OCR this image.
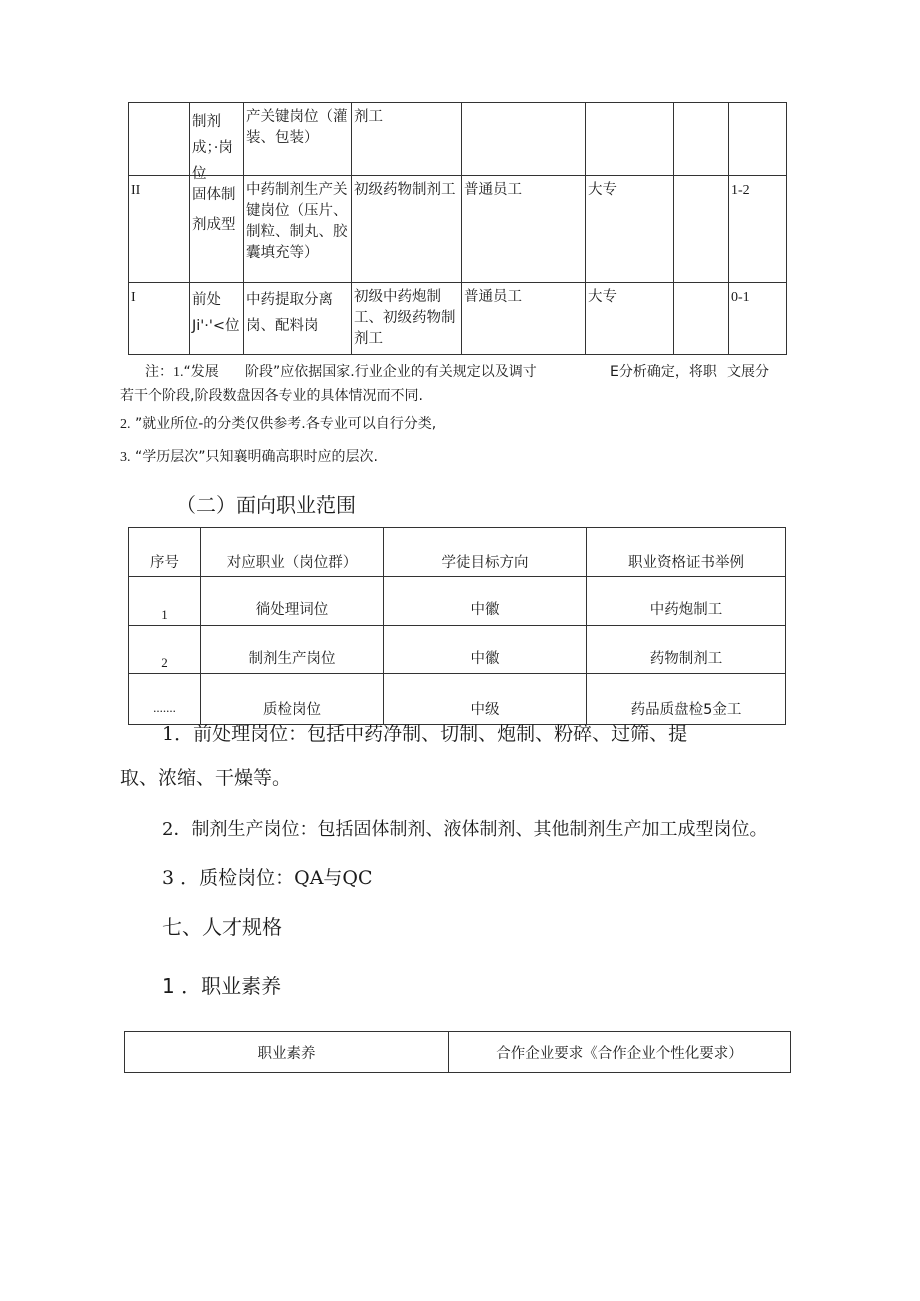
	制剂成；·岗位	产关键岗位（灌装、包装）	剂工				
II	固体制剂成型	中药制剂生产关键岗位（压片、制粒、制丸、胶囊填充等）	初级药物制剂工	普通员工	大专		1-2
I	前处Ji'·'<位	中药提取分离岗、配料岗	初级中药炮制工、初级药物制剂工	普通员工	大专		0-1
注：1.“发展 阶段”应依据国家.行业企业的有关规定以及调寸	E分析确定，将职 文展分
若干个阶段,阶段数盘因各专业的具体情况而不同.
2. ”就业所位-的分类仅供参考.各专业可以自行分类,
3. “学历层次”只知襄明确高职时应的层次.
（二）面向职业范围
序号	对应职业（岗位群）	学徒目标方向	职业资格证书举例
1	徜处理词位	中徽	中药炮制工
2	制剂生产岗位	中徽	药物制剂工
.......	质检岗位	中级	药品质盘检5金工
1．前处理岗位：包括中药净制、切制、炮制、粉碎、过筛、提
取、浓缩、干燥等。
2．制剂生产岗位：包括固体制剂、液体制剂、其他制剂生产加工成型岗位。
3 ．质检岗位：QA与QC
七、人才规格
1 ．职业素养
职业素养	合作企业要求《合作企业个性化要求）
